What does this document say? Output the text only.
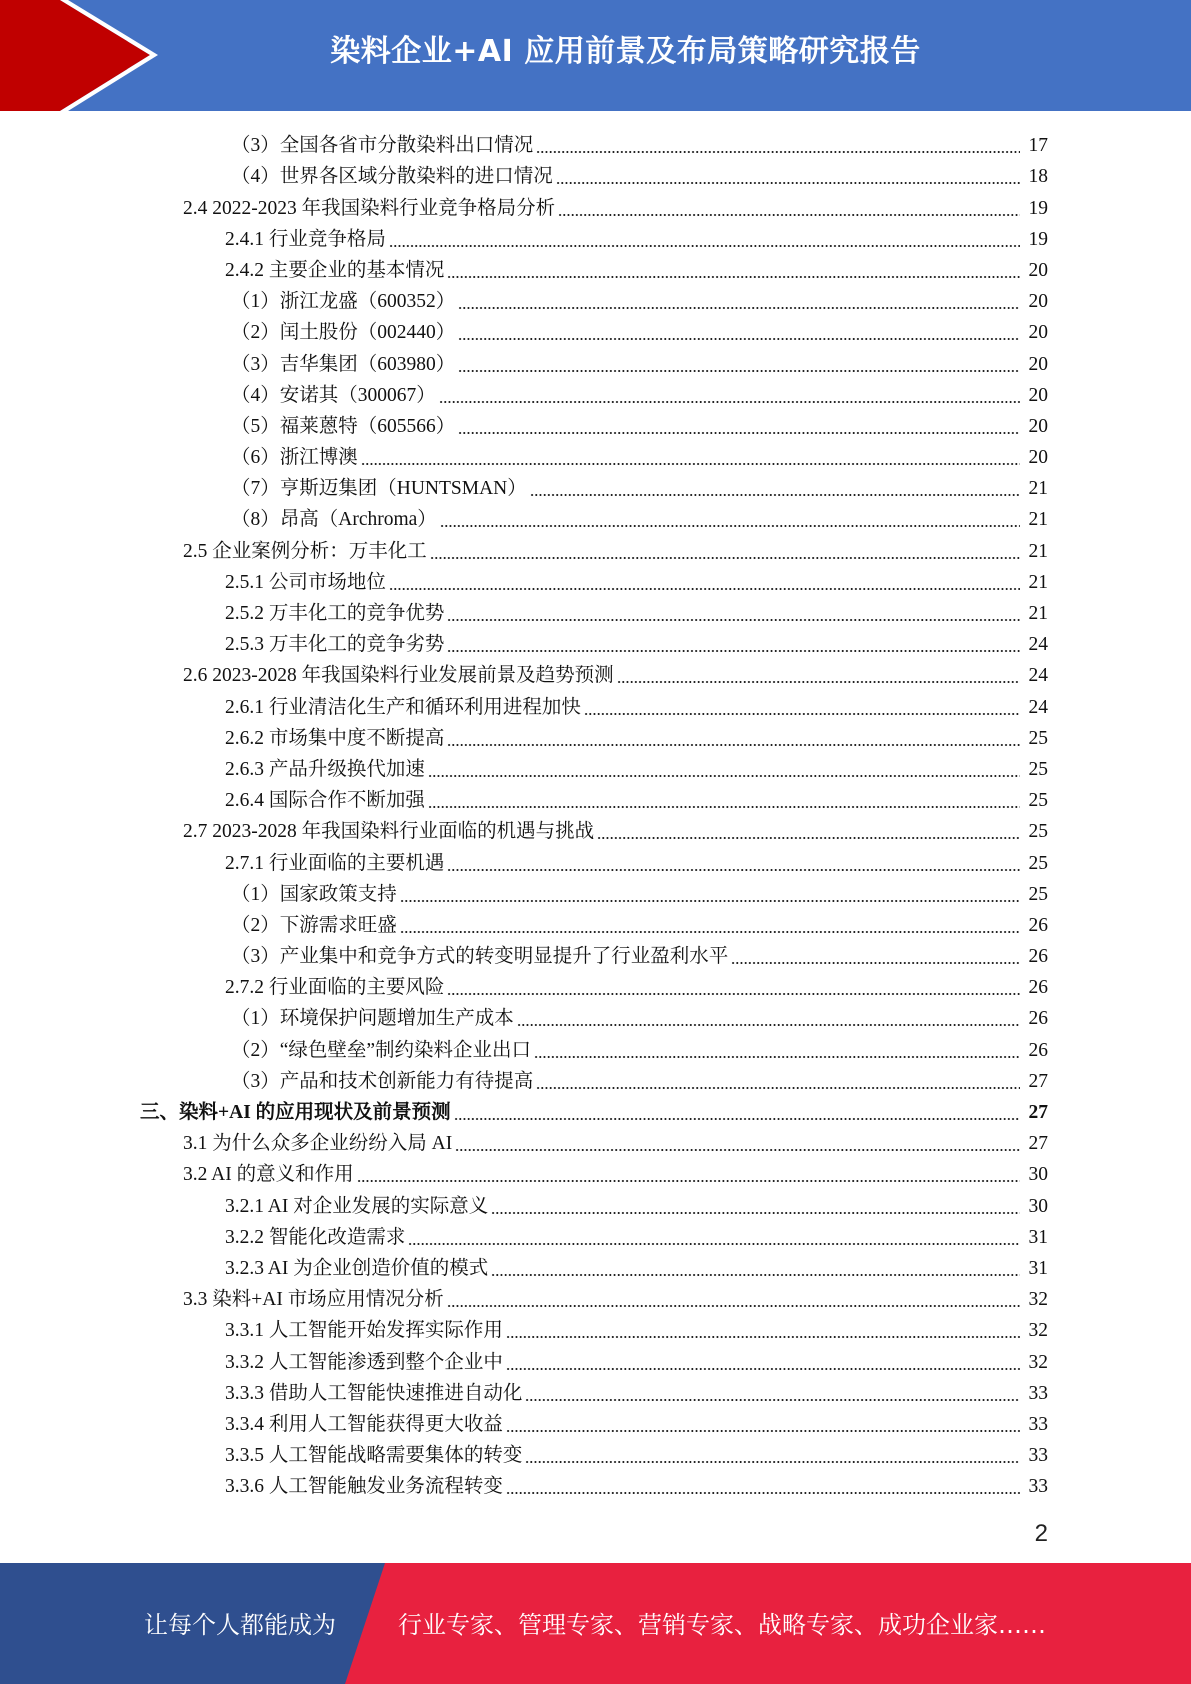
染料企业+AI 应用前景及布局策略研究报告
（3）全国各省市分散染料出口情况	17
（4）世界各区域分散染料的进口情况	18
2.4 2022-2023 年我国染料行业竞争格局分析	19
2.4.1 行业竞争格局	19
2.4.2 主要企业的基本情况	20
（1）浙江龙盛（600352）	20
（2）闰土股份（002440）	20
（3）吉华集团（603980）	20
（4）安诺其（300067）	20
（5）福莱蒽特（605566）	20
（6）浙江博澳	20
（7）亨斯迈集团（HUNTSMAN）	21
（8）昂高（Archroma）	21
2.5 企业案例分析：万丰化工	21
2.5.1 公司市场地位	21
2.5.2 万丰化工的竞争优势	21
2.5.3 万丰化工的竞争劣势	24
2.6 2023-2028 年我国染料行业发展前景及趋势预测	24
2.6.1 行业清洁化生产和循环利用进程加快	24
2.6.2 市场集中度不断提高	25
2.6.3 产品升级换代加速	25
2.6.4 国际合作不断加强	25
2.7 2023-2028 年我国染料行业面临的机遇与挑战	25
2.7.1 行业面临的主要机遇	25
（1）国家政策支持	25
（2）下游需求旺盛	26
（3）产业集中和竞争方式的转变明显提升了行业盈利水平	26
2.7.2 行业面临的主要风险	26
（1）环境保护问题增加生产成本	26
（2）“绿色壁垒”制约染料企业出口	26
（3）产品和技术创新能力有待提高	27
三、染料+AI 的应用现状及前景预测	27
3.1 为什么众多企业纷纷入局 AI	27
3.2 AI 的意义和作用	30
3.2.1 AI 对企业发展的实际意义	30
3.2.2 智能化改造需求	31
3.2.3 AI 为企业创造价值的模式	31
3.3 染料+AI 市场应用情况分析	32
3.3.1 人工智能开始发挥实际作用	32
3.3.2 人工智能渗透到整个企业中	32
3.3.3 借助人工智能快速推进自动化	33
3.3.4 利用人工智能获得更大收益	33
3.3.5 人工智能战略需要集体的转变	33
3.3.6 人工智能触发业务流程转变	33
2
让每个人都能成为	行业专家、管理专家、营销专家、战略专家、成功企业家……
